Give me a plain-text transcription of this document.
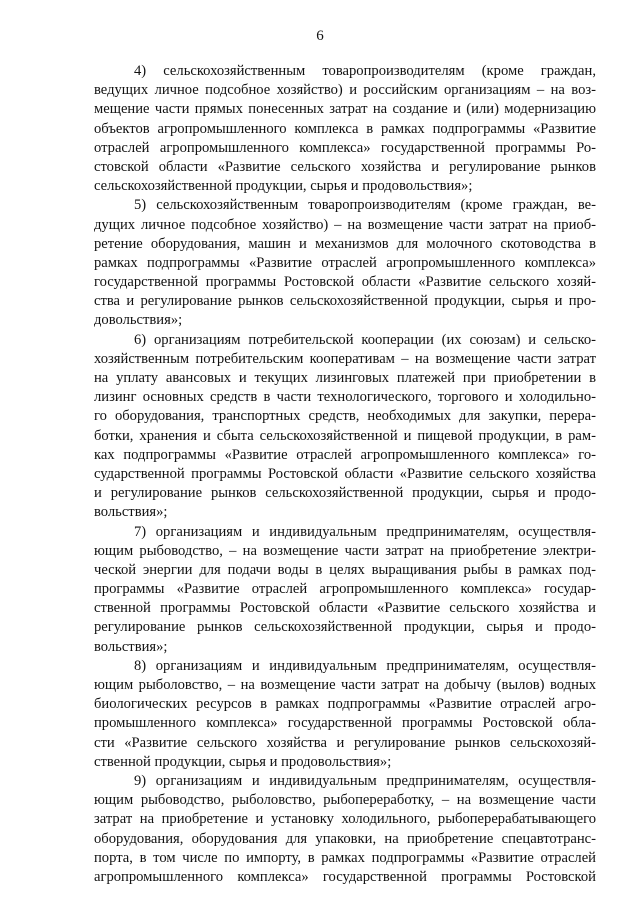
6
4) сельскохозяйственным товаропроизводителям (кроме граждан,
ведущих личное подсобное хозяйство) и российским организациям – на воз-
мещение части прямых понесенных затрат на создание и (или) модернизацию
объектов агропромышленного комплекса в рамках подпрограммы «Развитие
отраслей агропромышленного комплекса» государственной программы Ро-
стовской области «Развитие сельского хозяйства и регулирование рынков
сельскохозяйственной продукции, сырья и продовольствия»;
5) сельскохозяйственным товаропроизводителям (кроме граждан, ве-
дущих личное подсобное хозяйство) – на возмещение части затрат на приоб-
ретение оборудования, машин и механизмов для молочного скотоводства в
рамках подпрограммы «Развитие отраслей агропромышленного комплекса»
государственной программы Ростовской области «Развитие сельского хозяй-
ства и регулирование рынков сельскохозяйственной продукции, сырья и про-
довольствия»;
6) организациям потребительской кооперации (их союзам) и сельско-
хозяйственным потребительским кооперативам – на возмещение части затрат
на уплату авансовых и текущих лизинговых платежей при приобретении в
лизинг основных средств в части технологического, торгового и холодильно-
го оборудования, транспортных средств, необходимых для закупки, перера-
ботки, хранения и сбыта сельскохозяйственной и пищевой продукции, в рам-
ках подпрограммы «Развитие отраслей агропромышленного комплекса» го-
сударственной программы Ростовской области «Развитие сельского хозяйства
и регулирование рынков сельскохозяйственной продукции, сырья и продо-
вольствия»;
7) организациям и индивидуальным предпринимателям, осуществля-
ющим рыбоводство, – на возмещение части затрат на приобретение электри-
ческой энергии для подачи воды в целях выращивания рыбы в рамках под-
программы «Развитие отраслей агропромышленного комплекса» государ-
ственной программы Ростовской области «Развитие сельского хозяйства и
регулирование рынков сельскохозяйственной продукции, сырья и продо-
вольствия»;
8) организациям и индивидуальным предпринимателям, осуществля-
ющим рыболовство, – на возмещение части затрат на добычу (вылов) водных
биологических ресурсов в рамках подпрограммы «Развитие отраслей агро-
промышленного комплекса» государственной программы Ростовской обла-
сти «Развитие сельского хозяйства и регулирование рынков сельскохозяй-
ственной продукции, сырья и продовольствия»;
9) организациям и индивидуальным предпринимателям, осуществля-
ющим рыбоводство, рыболовство, рыбопереработку, – на возмещение части
затрат на приобретение и установку холодильного, рыбоперерабатывающего
оборудования, оборудования для упаковки, на приобретение спецавтотранс-
порта, в том числе по импорту, в рамках подпрограммы «Развитие отраслей
агропромышленного комплекса» государственной программы Ростовской
